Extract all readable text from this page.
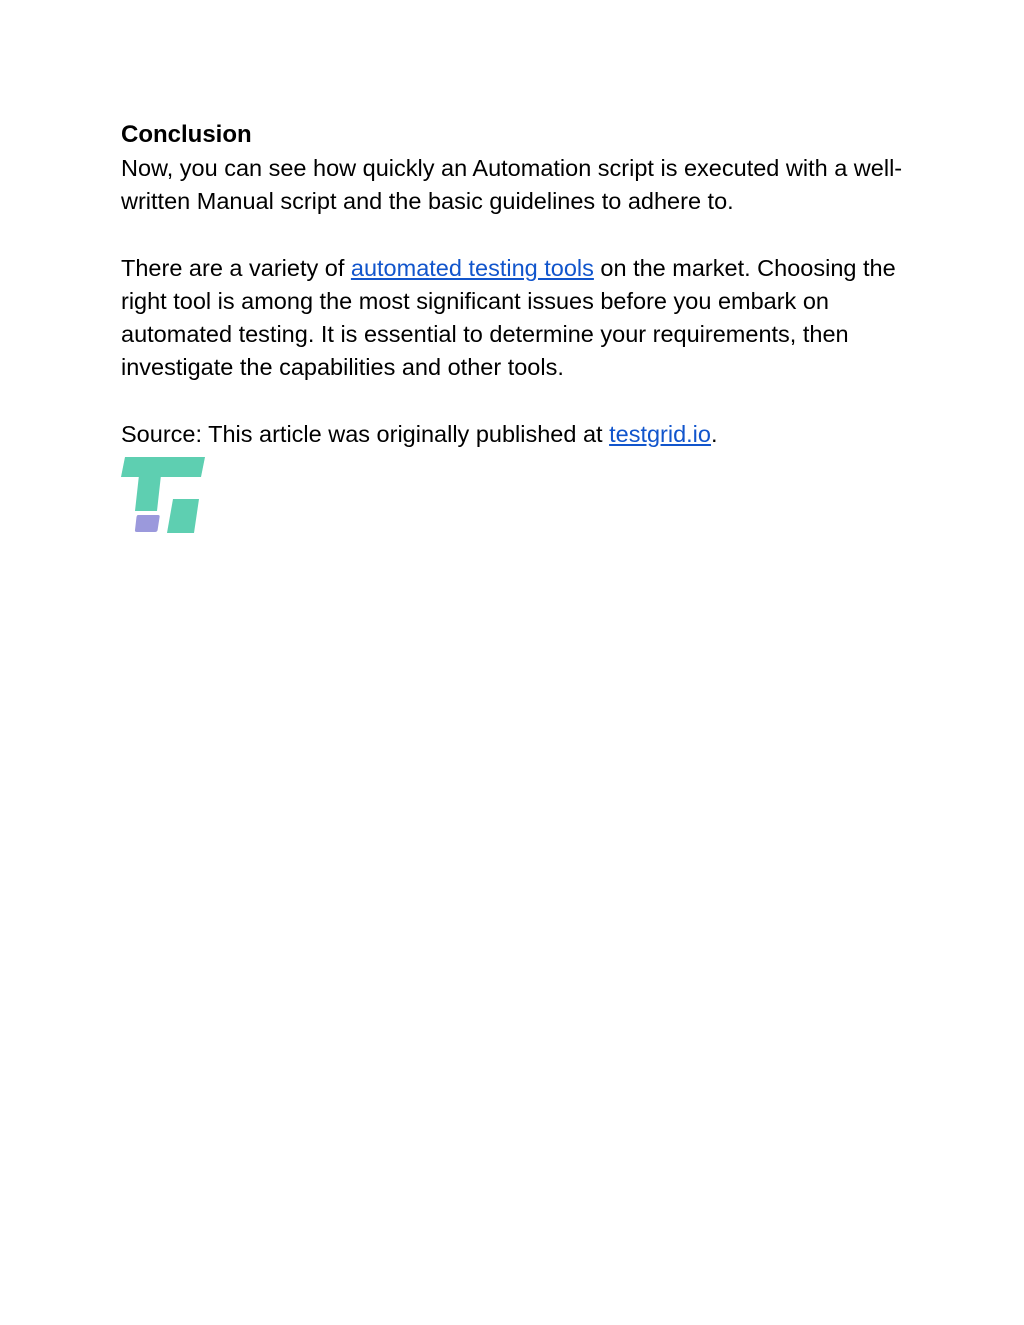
Conclusion

Now, you can see how quickly an Automation script is executed with a well-written Manual script and the basic guidelines to adhere to.

There are a variety of automated testing tools on the market. Choosing the right tool is among the most significant issues before you embark on automated testing. It is essential to determine your requirements, then investigate the capabilities and other tools.

Source: This article was originally published at testgrid.io.
